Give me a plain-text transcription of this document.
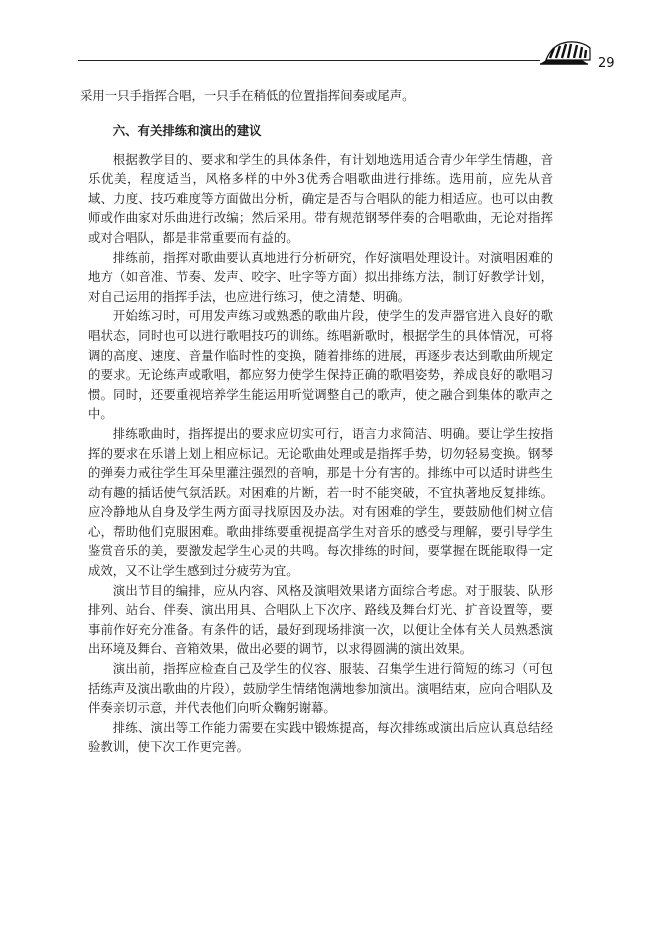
29

采用一只手指挥合唱，一只手在稍低的位置指挥间奏或尾声。

六、有关排练和演出的建议

根据教学目的、要求和学生的具体条件，有计划地选用适合青少年学生情趣，音乐优美，程度适当，风格多样的中外3优秀合唱歌曲进行排练。选用前，应先从音域、力度、技巧难度等方面做出分析，确定是否与合唱队的能力相适应。也可以由教师或作曲家对乐曲进行改编；然后采用。带有规范钢琴伴奏的合唱歌曲，无论对指挥或对合唱队，都是非常重要而有益的。

排练前，指挥对歌曲要认真地进行分析研究，作好演唱处理设计。对演唱困难的地方（如音准、节奏、发声、咬字、吐字等方面）拟出排练方法，制订好教学计划，对自己运用的指挥手法，也应进行练习，使之清楚、明确。

开始练习时，可用发声练习或熟悉的歌曲片段，使学生的发声器官进入良好的歌唱状态，同时也可以进行歌唱技巧的训练。练唱新歌时，根据学生的具体情况，可将调的高度、速度、音量作临时性的变换，随着排练的进展，再逐步表达到歌曲所规定的要求。无论练声或歌唱，都应努力使学生保持正确的歌唱姿势，养成良好的歌唱习惯。同时，还要重视培养学生能运用听觉调整自己的歌声，使之融合到集体的歌声之中。

排练歌曲时，指挥提出的要求应切实可行，语言力求简洁、明确。要让学生按指挥的要求在乐谱上划上相应标记。无论歌曲处理或是指挥手势，切勿轻易变换。钢琴的弹奏力戒往学生耳朵里灌注强烈的音响，那是十分有害的。排练中可以适时讲些生动有趣的插话使气氛活跃。对困难的片断，若一时不能突破，不宜执著地反复排练。应冷静地从自身及学生两方面寻找原因及办法。对有困难的学生，要鼓励他们树立信心，帮助他们克服困难。歌曲排练要重视提高学生对音乐的感受与理解，要引导学生鉴赏音乐的美，要激发起学生心灵的共鸣。每次排练的时间，要掌握在既能取得一定成效，又不让学生感到过分疲劳为宜。

演出节目的编排，应从内容、风格及演唱效果诸方面综合考虑。对于服装、队形排列、站台、伴奏、演出用具、合唱队上下次序、路线及舞台灯光、扩音设置等，要事前作好充分准备。有条件的话，最好到现场排演一次，以便让全体有关人员熟悉演出环境及舞台、音箱效果，做出必要的调节，以求得圆满的演出效果。

演出前，指挥应检查自己及学生的仪容、服装、召集学生进行简短的练习（可包括练声及演出歌曲的片段），鼓励学生情绪饱满地参加演出。演唱结束，应向合唱队及伴奏亲切示意，并代表他们向听众鞠躬谢幕。

排练、演出等工作能力需要在实践中锻炼提高，每次排练或演出后应认真总结经验教训，使下次工作更完善。
